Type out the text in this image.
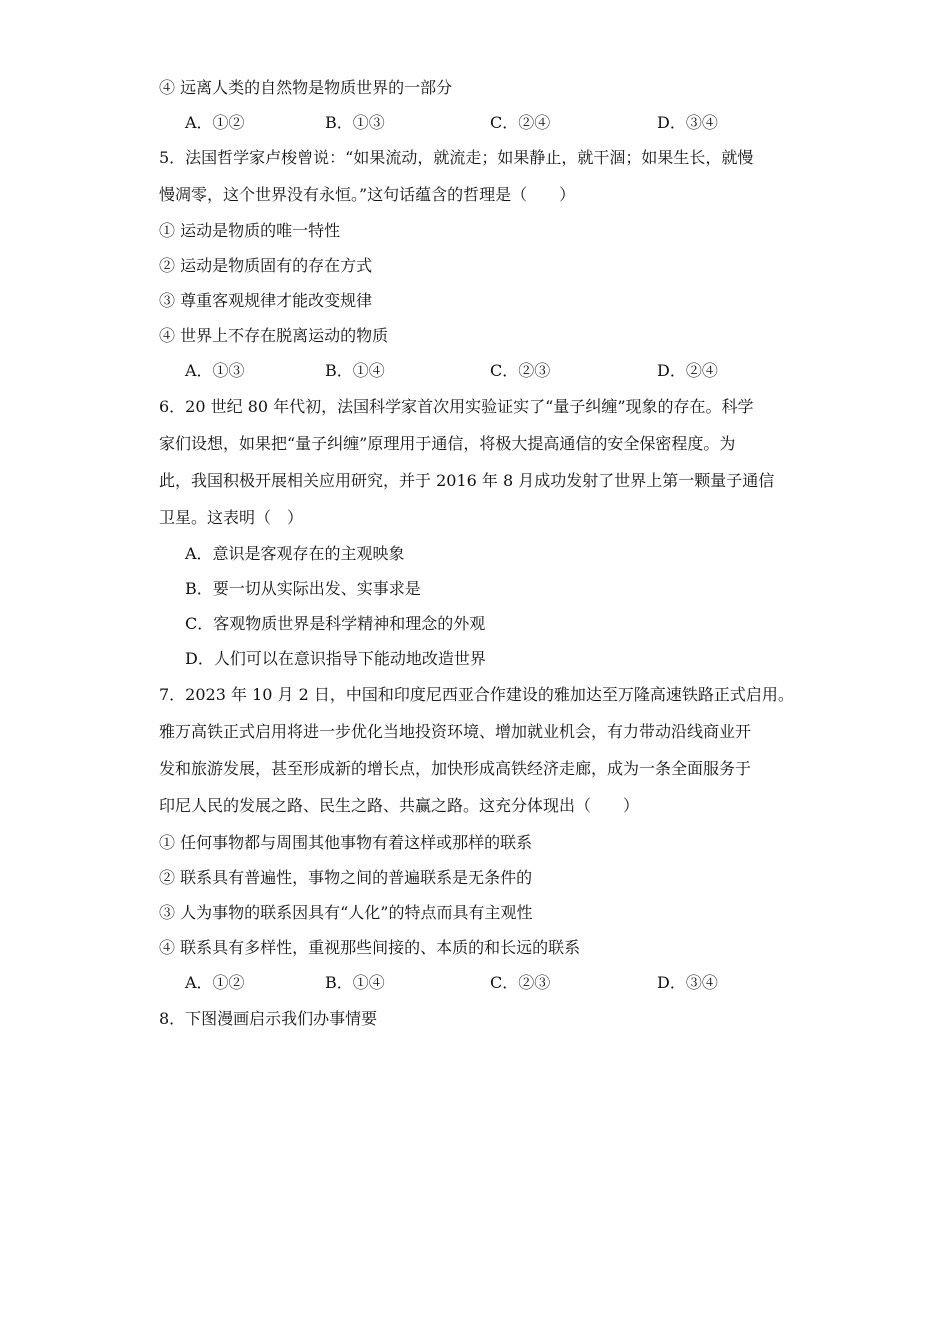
④ 远离人类的自然物是物质世界的一部分
A．①②	B．①③	C．②④	D．③④
5．法国哲学家卢梭曾说：“如果流动，就流走；如果静止，就干涸；如果生长，就慢
慢凋零，这个世界没有永恒。”这句话蕴含的哲理是（　　）
① 运动是物质的唯一特性
② 运动是物质固有的存在方式
③ 尊重客观规律才能改变规律
④ 世界上不存在脱离运动的物质
A．①③	B．①④	C．②③	D．②④
6．20 世纪 80 年代初，法国科学家首次用实验证实了“量子纠缠”现象的存在。科学
家们设想，如果把“量子纠缠”原理用于通信，将极大提高通信的安全保密程度。为
此，我国积极开展相关应用研究，并于 2016 年 8 月成功发射了世界上第一颗量子通信
卫星。这表明（　）
A．意识是客观存在的主观映象
B．要一切从实际出发、实事求是
C．客观物质世界是科学精神和理念的外观
D．人们可以在意识指导下能动地改造世界
7．2023 年 10 月 2 日，中国和印度尼西亚合作建设的雅加达至万隆高速铁路正式启用。
雅万高铁正式启用将进一步优化当地投资环境、增加就业机会，有力带动沿线商业开
发和旅游发展，甚至形成新的增长点，加快形成高铁经济走廊，成为一条全面服务于
印尼人民的发展之路、民生之路、共赢之路。这充分体现出（　　）
① 任何事物都与周围其他事物有着这样或那样的联系
② 联系具有普遍性，事物之间的普遍联系是无条件的
③ 人为事物的联系因具有“人化”的特点而具有主观性
④ 联系具有多样性，重视那些间接的、本质的和长远的联系
A．①②	B．①④	C．②③	D．③④
8．下图漫画启示我们办事情要
